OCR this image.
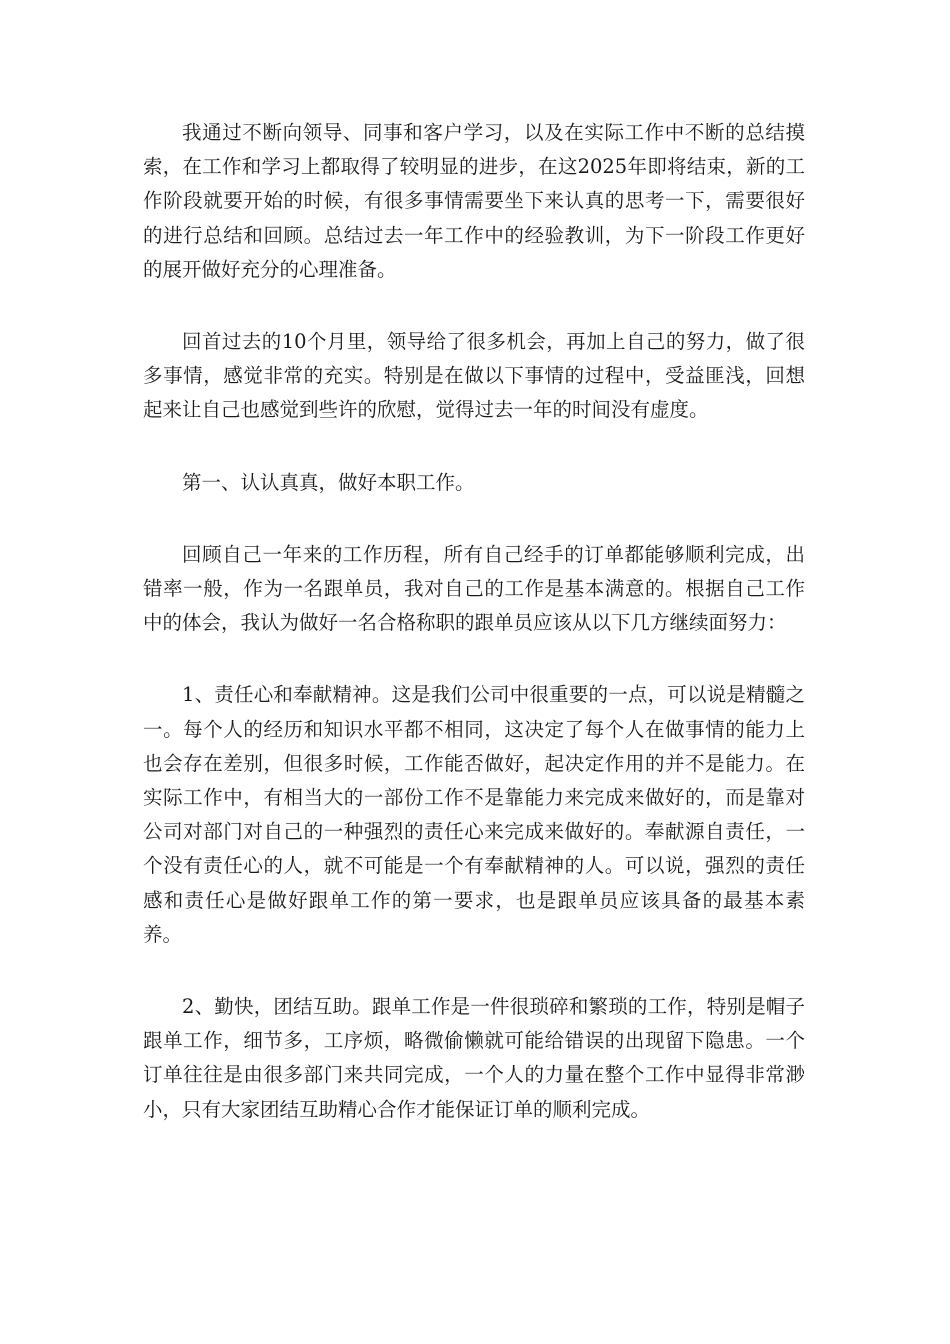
我通过不断向领导、同事和客户学习，以及在实际工作中不断的总结摸索，在工作和学习上都取得了较明显的进步，在这2025年即将结束，新的工作阶段就要开始的时候，有很多事情需要坐下来认真的思考一下，需要很好的进行总结和回顾。总结过去一年工作中的经验教训，为下一阶段工作更好的展开做好充分的心理准备。

回首过去的10个月里，领导给了很多机会，再加上自己的努力，做了很多事情，感觉非常的充实。特别是在做以下事情的过程中，受益匪浅，回想起来让自己也感觉到些许的欣慰，觉得过去一年的时间没有虚度。

第一、认认真真，做好本职工作。

回顾自己一年来的工作历程，所有自己经手的订单都能够顺利完成，出错率一般，作为一名跟单员，我对自己的工作是基本满意的。根据自己工作中的体会，我认为做好一名合格称职的跟单员应该从以下几方继续面努力：

1、责任心和奉献精神。这是我们公司中很重要的一点，可以说是精髓之一。每个人的经历和知识水平都不相同，这决定了每个人在做事情的能力上也会存在差别，但很多时候，工作能否做好，起决定作用的并不是能力。在实际工作中，有相当大的一部份工作不是靠能力来完成来做好的，而是靠对公司对部门对自己的一种强烈的责任心来完成来做好的。奉献源自责任，一个没有责任心的人，就不可能是一个有奉献精神的人。可以说，强烈的责任感和责任心是做好跟单工作的第一要求，也是跟单员应该具备的最基本素养。

2、勤快，团结互助。跟单工作是一件很琐碎和繁琐的工作，特别是帽子跟单工作，细节多，工序烦，略微偷懒就可能给错误的出现留下隐患。一个订单往往是由很多部门来共同完成，一个人的力量在整个工作中显得非常渺小，只有大家团结互助精心合作才能保证订单的顺利完成。
